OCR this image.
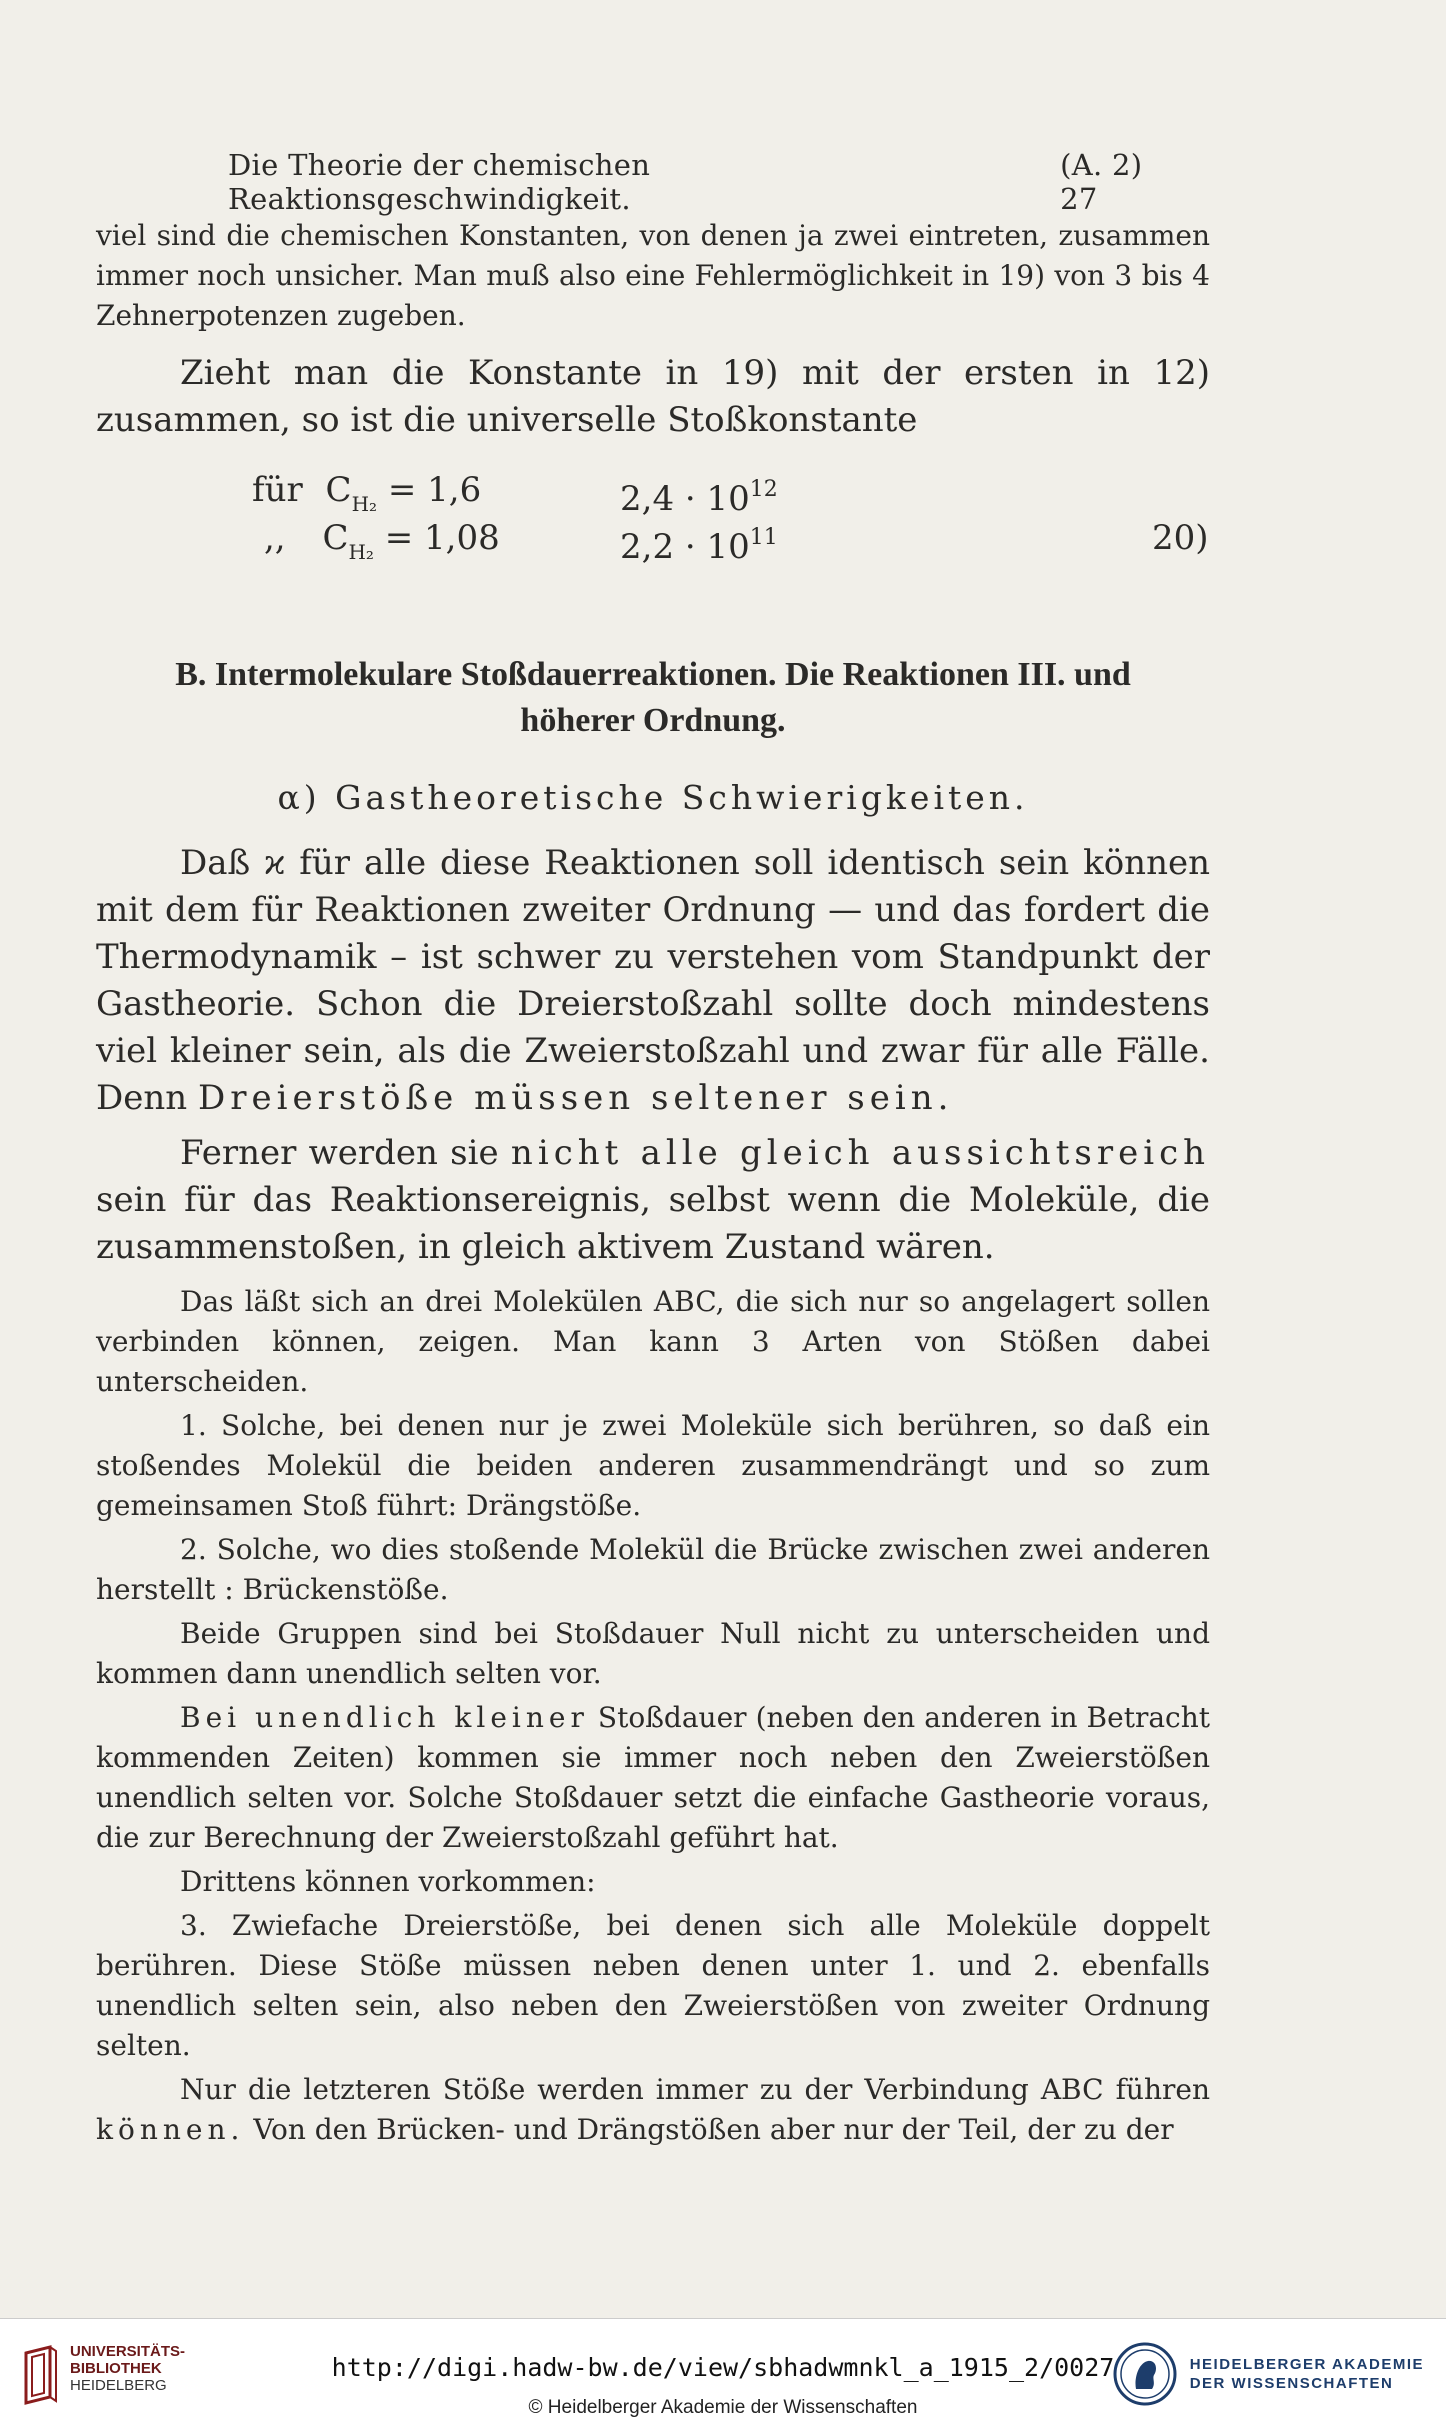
Die Theorie der chemischen Reaktionsgeschwindigkeit.
(A. 2)   27

viel sind die chemischen Konstanten, von denen ja zwei eintreten, zusammen immer noch unsicher. Man muß also eine Fehlermöglichkeit in 19) von 3 bis 4 Zehnerpotenzen zugeben.

Zieht man die Konstante in 19) mit der ersten in 12) zusammen, so ist die universelle Stoßkonstante

für $C_{H_2} = 1,6$	$2,4 \cdot 10^{12}$
,, $C_{H_2} = 1,08$	$2,2 \cdot 10^{11}$	20)
B. Intermolekulare Stoßdauerreaktionen. Die Reaktionen III. und
höherer Ordnung.
α) Gastheoretische Schwierigkeiten.

Daß ϰ für alle diese Reaktionen soll identisch sein können mit dem für Reaktionen zweiter Ordnung — und das fordert die Thermodynamik – ist schwer zu verstehen vom Standpunkt der Gastheorie. Schon die Dreierstoßzahl sollte doch mindestens viel kleiner sein, als die Zweierstoßzahl und zwar für alle Fälle. Denn Dreierstöße müssen seltener sein.

Ferner werden sie nicht alle gleich aussichtsreich sein für das Reaktionsereignis, selbst wenn die Moleküle, die zusammenstoßen, in gleich aktivem Zustand wären.

Das läßt sich an drei Molekülen ABC, die sich nur so angelagert sollen verbinden können, zeigen. Man kann 3 Arten von Stößen dabei unterscheiden.

1. Solche, bei denen nur je zwei Moleküle sich berühren, so daß ein stoßendes Molekül die beiden anderen zusammendrängt und so zum gemeinsamen Stoß führt: Drängstöße.

2. Solche, wo dies stoßende Molekül die Brücke zwischen zwei anderen herstellt : Brückenstöße.

Beide Gruppen sind bei Stoßdauer Null nicht zu unterscheiden und kommen dann unendlich selten vor.

Bei unendlich kleiner Stoßdauer (neben den anderen in Betracht kommenden Zeiten) kommen sie immer noch neben den Zweierstößen unendlich selten vor. Solche Stoßdauer setzt die einfache Gastheorie voraus, die zur Berechnung der Zweierstoßzahl geführt hat.

Drittens können vorkommen:

3. Zwiefache Dreierstöße, bei denen sich alle Moleküle doppelt berühren. Diese Stöße müssen neben denen unter 1. und 2. ebenfalls unendlich selten sein, also neben den Zweierstößen von zweiter Ordnung selten.

Nur die letzteren Stöße werden immer zu der Verbindung ABC führen können. Von den Brücken- und Drängstößen aber nur der Teil, der zu der

UNIVERSITÄTS-
BIBLIOTHEK
HEIDELBERG
http://digi.hadw-bw.de/view/sbhadwmnkl_a_1915_2/0027
© Heidelberger Akademie der Wissenschaften
HEIDELBERGER AKADEMIE
DER WISSENSCHAFTEN
